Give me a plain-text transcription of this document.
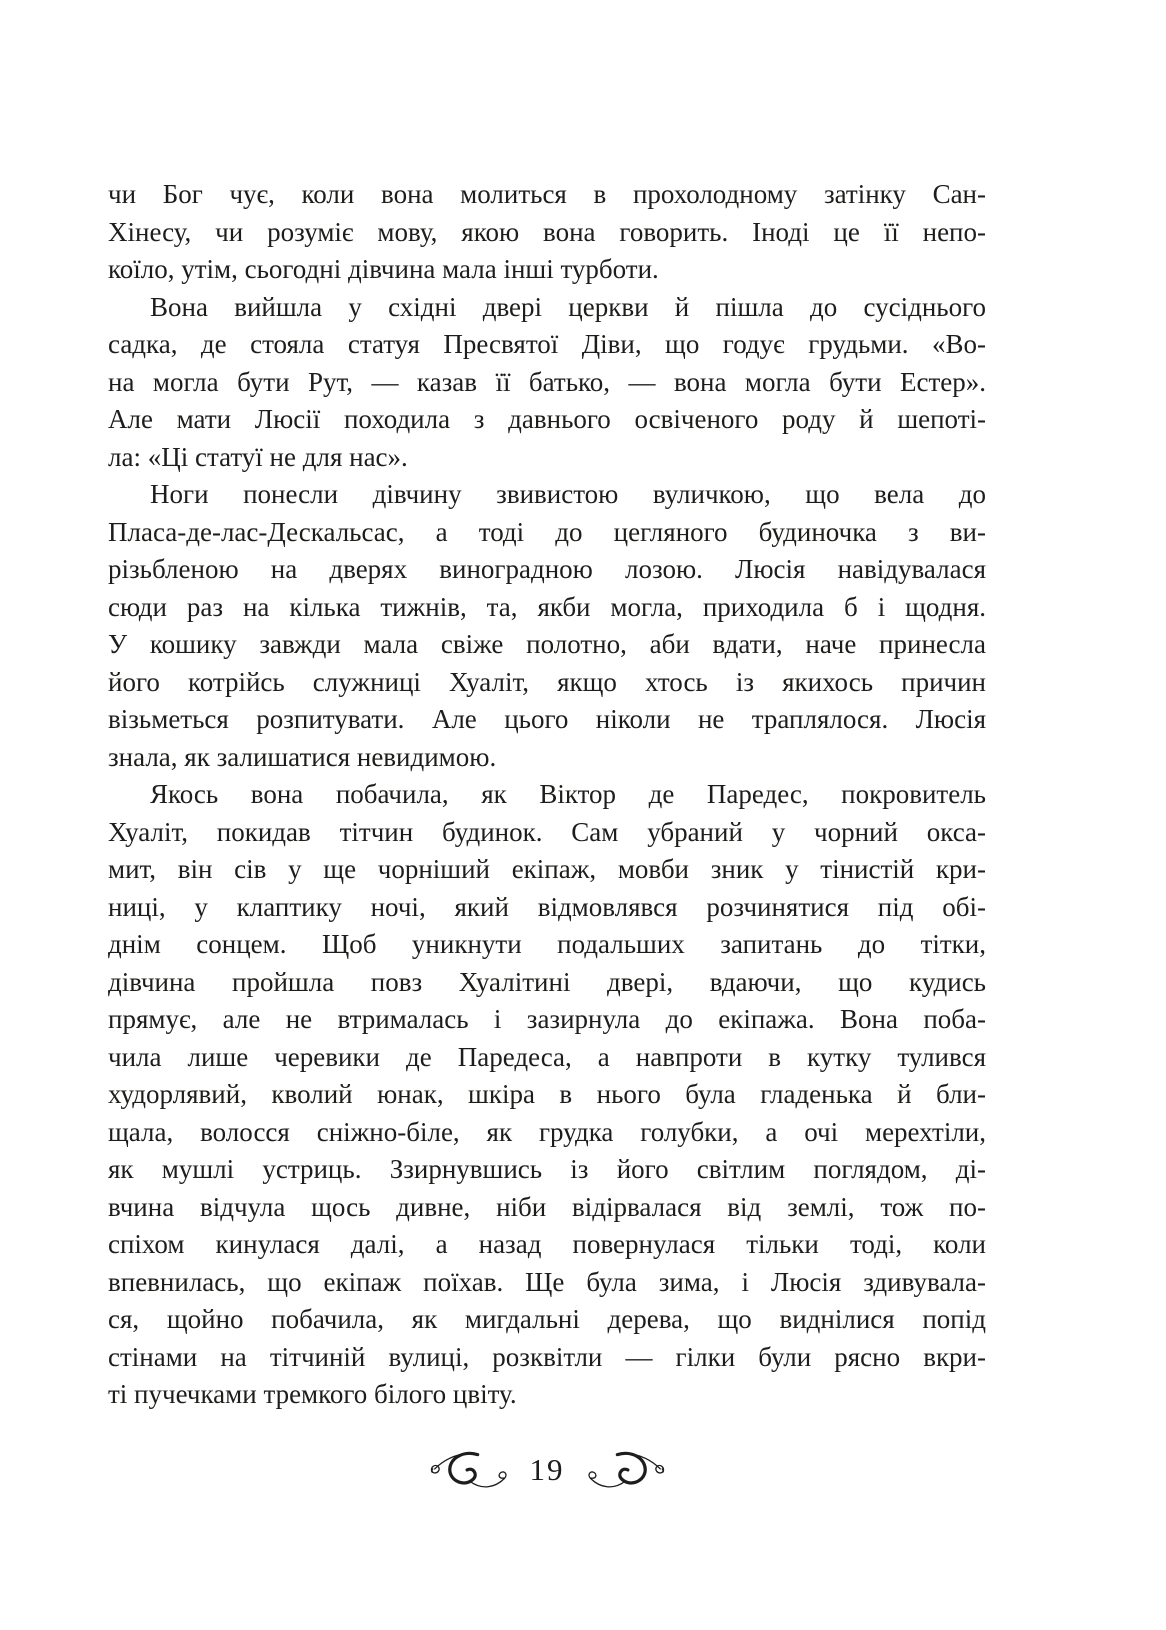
чи Бог чує, коли вона молиться в прохолодному затінку Сан-
Хінесу, чи розуміє мову, якою вона говорить. Іноді це її непо-
коїло, утім, сьогодні дівчина мала інші турботи.
Вона вийшла у східні двері церкви й пішла до сусіднього
садка, де стояла статуя Пресвятої Діви, що годує грудьми. «Во-
на могла бути Рут, — казав її батько, — вона могла бути Естер».
Але мати Люсії походила з давнього освіченого роду й шепоті-
ла: «Ці статуї не для нас».
Ноги понесли дівчину звивистою вуличкою, що вела до
Пласа-де-лас-Дескальсас, а тоді до цегляного будиночка з ви-
різьбленою на дверях виноградною лозою. Люсія навідувалася
сюди раз на кілька тижнів, та, якби могла, приходила б і щодня.
У кошику завжди мала свіже полотно, аби вдати, наче принесла
його котрійсь служниці Хуаліт, якщо хтось із якихось причин
візьметься розпитувати. Але цього ніколи не траплялося. Люсія
знала, як залишатися невидимою.
Якось вона побачила, як Віктор де Паредес, покровитель
Хуаліт, покидав тітчин будинок. Сам убраний у чорний окса-
мит, він сів у ще чорніший екіпаж, мовби зник у тінистій кри-
ниці, у клаптику ночі, який відмовлявся розчинятися під обі-
днім сонцем. Щоб уникнути подальших запитань до тітки,
дівчина пройшла повз Хуалітині двері, вдаючи, що кудись
прямує, але не втрималась і зазирнула до екіпажа. Вона поба-
чила лише черевики де Паредеса, а навпроти в кутку тулився
худорлявий, кволий юнак, шкіра в нього була гладенька й бли-
щала, волосся сніжно-біле, як грудка голубки, а очі мерехтіли,
як мушлі устриць. Ззирнувшись із його світлим поглядом, ді-
вчина відчула щось дивне, ніби відірвалася від землі, тож по-
спіхом кинулася далі, а назад повернулася тільки тоді, коли
впевнилась, що екіпаж поїхав. Ще була зима, і Люсія здивувала-
ся, щойно побачила, як мигдальні дерева, що виднілися попід
стінами на тітчиній вулиці, розквітли — гілки були рясно вкри-
ті пучечками тремкого білого цвіту.
19
